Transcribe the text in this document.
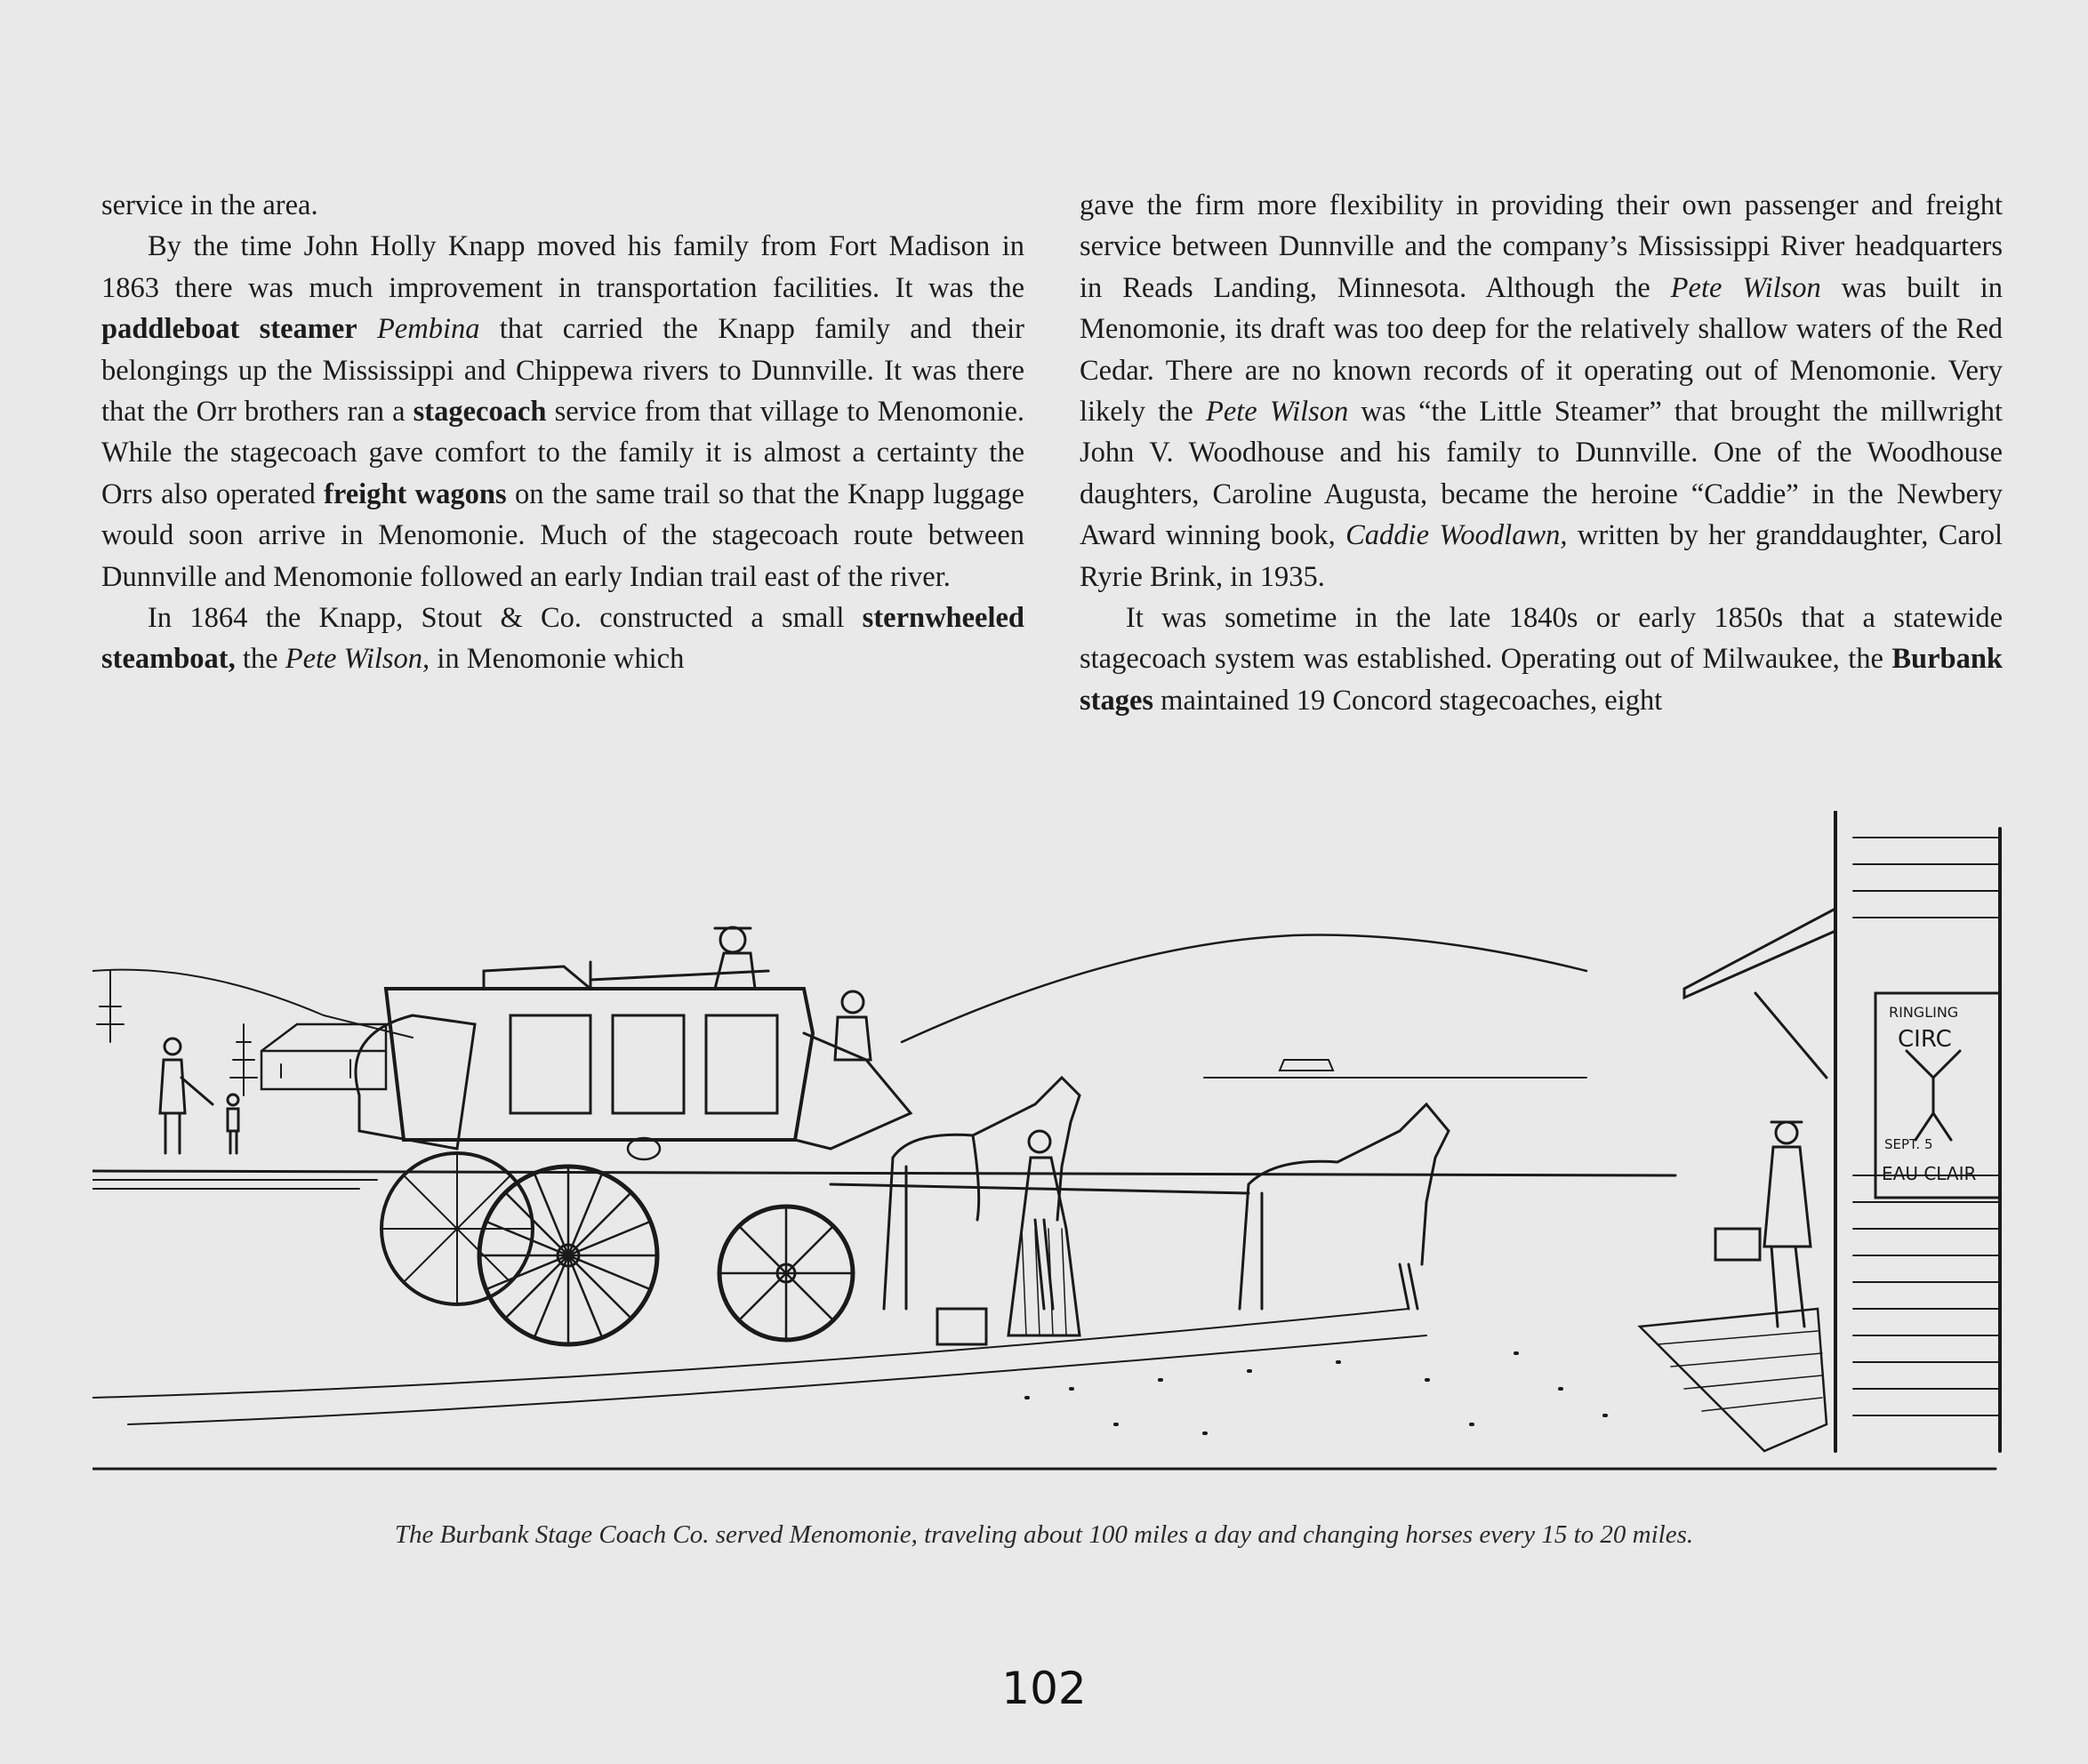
service in the area.

By the time John Holly Knapp moved his family from Fort Madison in 1863 there was much improvement in transportation facilities. It was the paddleboat steamer Pembina that carried the Knapp family and their belongings up the Mississippi and Chippewa rivers to Dunnville. It was there that the Orr brothers ran a stagecoach service from that village to Menomonie. While the stagecoach gave comfort to the family it is almost a certainty the Orrs also operated freight wagons on the same trail so that the Knapp luggage would soon arrive in Menomonie. Much of the stagecoach route between Dunnville and Menomonie followed an early Indian trail east of the river.

In 1864 the Knapp, Stout & Co. constructed a small sternwheeled steamboat, the Pete Wilson, in Menomonie which

gave the firm more flexibility in providing their own passenger and freight service between Dunnville and the company’s Mississippi River headquarters in Reads Landing, Minnesota. Although the Pete Wilson was built in Menomonie, its draft was too deep for the relatively shallow waters of the Red Cedar. There are no known records of it operating out of Menomonie. Very likely the Pete Wilson was “the Little Steamer” that brought the millwright John V. Woodhouse and his family to Dunnville. One of the Woodhouse daughters, Caroline Augusta, became the heroine “Caddie” in the Newbery Award winning book, Caddie Woodlawn, written by her granddaughter, Carol Ryrie Brink, in 1935.

It was sometime in the late 1840s or early 1850s that a statewide stagecoach system was established. Operating out of Milwaukee, the Burbank stages maintained 19 Concord stagecoaches, eight

RINGLING
CIRC
SEPT. 5
EAU CLAIR
The Burbank Stage Coach Co. served Menomonie, traveling about 100 miles a day and changing horses every 15 to 20 miles.
102
